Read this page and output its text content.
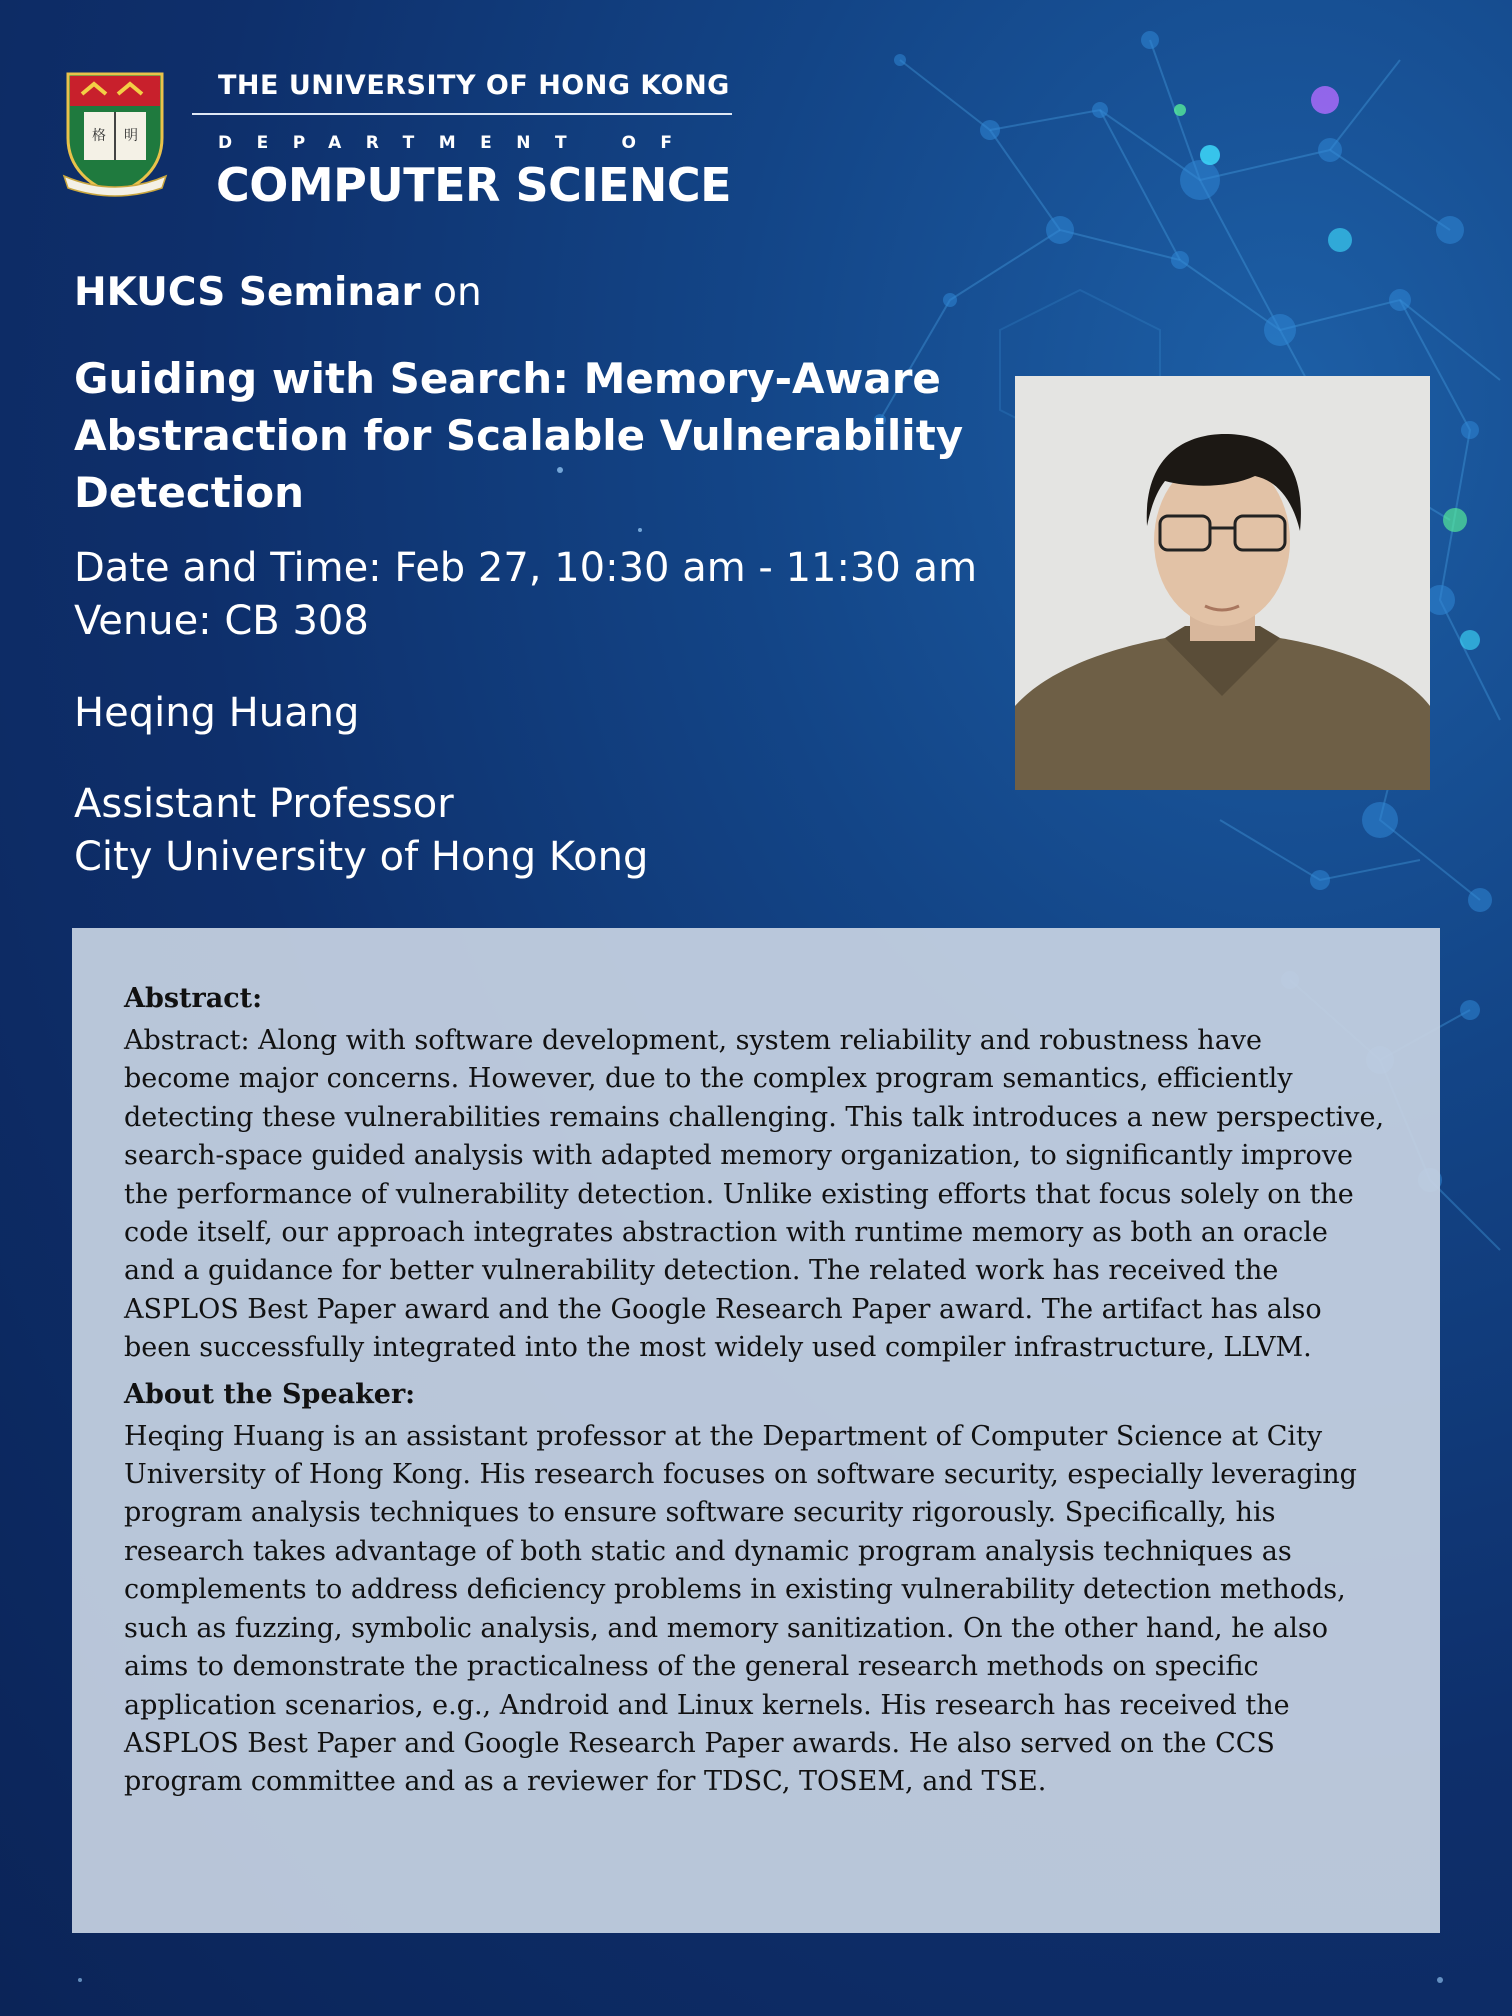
格 明
THE UNIVERSITY OF HONG KONG
DEPARTMENT OF
COMPUTER SCIENCE
HKUCS Seminar on
Guiding with Search: Memory-Aware
Abstraction for Scalable Vulnerability
Detection
Date and Time: Feb 27, 10:30 am - 11:30 am
Venue: CB 308
Heqing Huang
Assistant Professor
City University of Hong Kong
Abstract:
Abstract: Along with software development, system reliability and robustness have
become major concerns. However, due to the complex program semantics, efficiently
detecting these vulnerabilities remains challenging. This talk introduces a new perspective,
search-space guided analysis with adapted memory organization, to significantly improve
the performance of vulnerability detection. Unlike existing efforts that focus solely on the
code itself, our approach integrates abstraction with runtime memory as both an oracle
and a guidance for better vulnerability detection. The related work has received the
ASPLOS Best Paper award and the Google Research Paper award. The artifact has also
been successfully integrated into the most widely used compiler infrastructure, LLVM.
About the Speaker:
Heqing Huang is an assistant professor at the Department of Computer Science at City
University of Hong Kong. His research focuses on software security, especially leveraging
program analysis techniques to ensure software security rigorously. Specifically, his
research takes advantage of both static and dynamic program analysis techniques as
complements to address deficiency problems in existing vulnerability detection methods,
such as fuzzing, symbolic analysis, and memory sanitization. On the other hand, he also
aims to demonstrate the practicalness of the general research methods on specific
application scenarios, e.g., Android and Linux kernels. His research has received the
ASPLOS Best Paper and Google Research Paper awards. He also served on the CCS
program committee and as a reviewer for TDSC, TOSEM, and TSE.
